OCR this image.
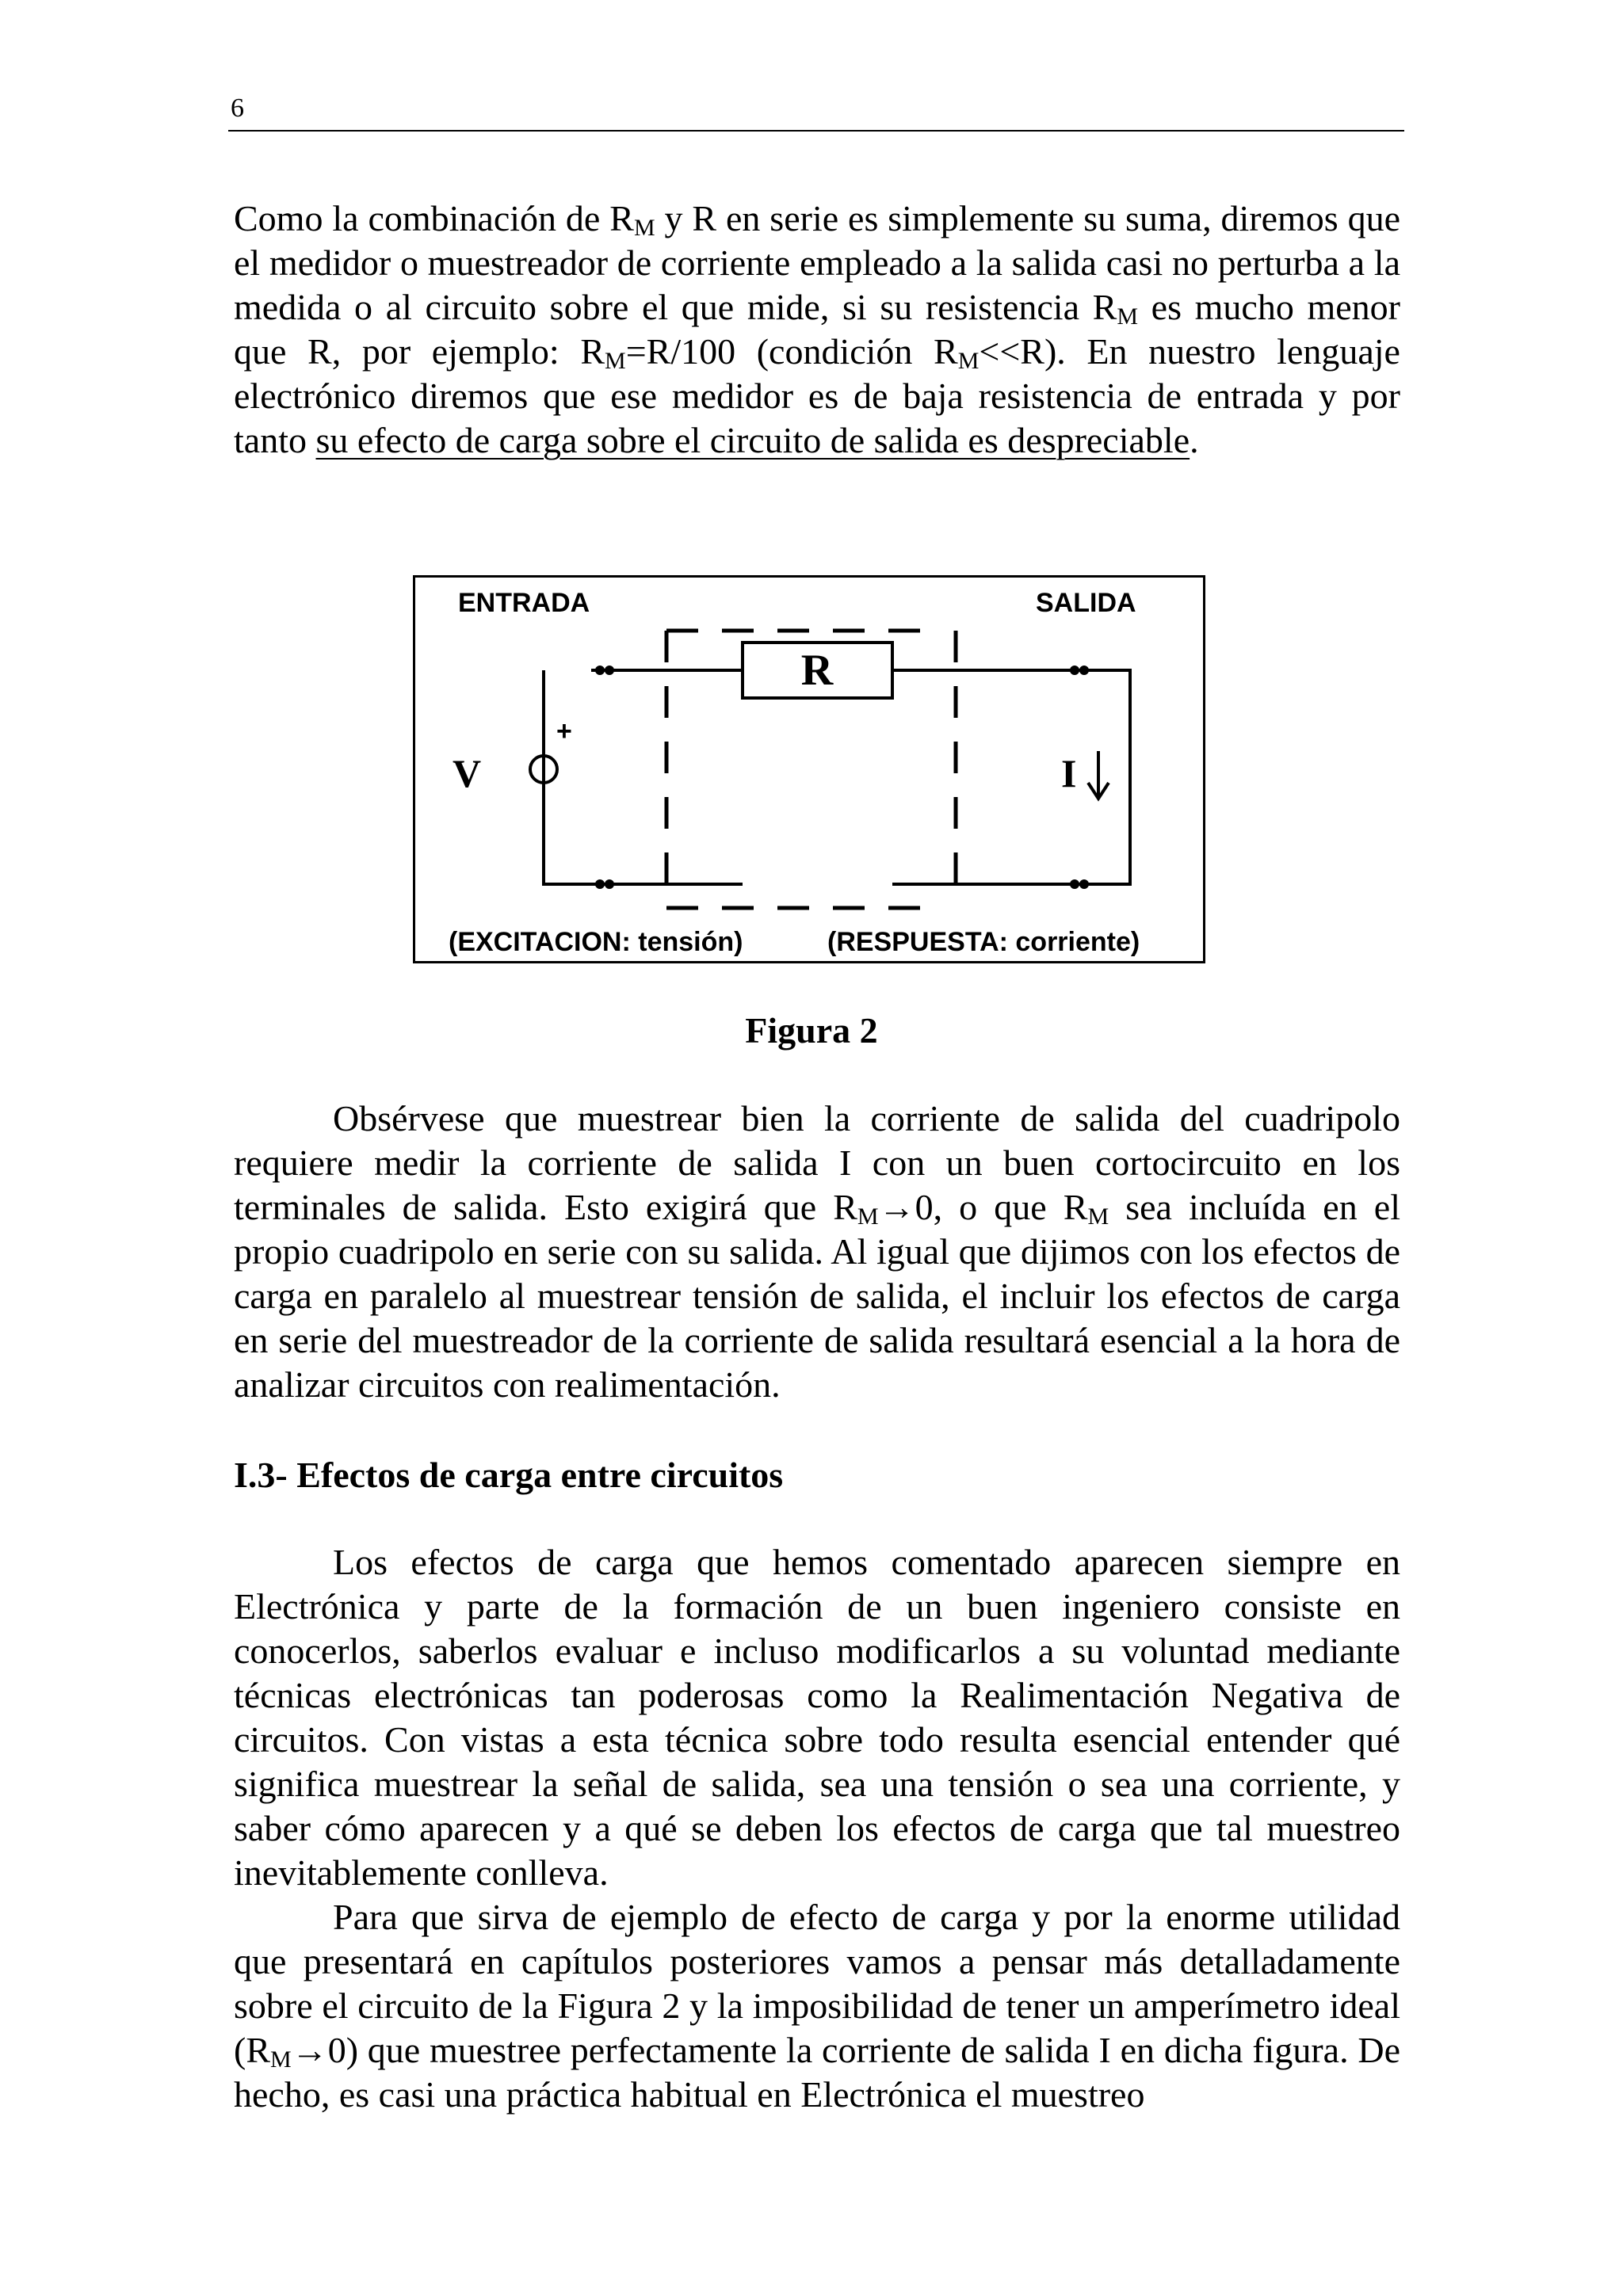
6

Como la combinación de $R_M$ y R en serie es simplemente su suma, diremos que el medidor o muestreador de corriente empleado a la salida casi no perturba a la medida o al circuito sobre el que mide, si su resistencia $R_M$ es mucho menor que R, por ejemplo: $R_M=R/100$ (condición $R_M<<R$). En nuestro lenguaje electrónico diremos que ese medidor es de baja resistencia de entrada y por tanto su efecto de carga sobre el circuito de salida es despreciable.

ENTRADA	SALIDA
+
V
R
I
(EXCITACION: tensión)	(RESPUESTA: corriente)

Figura 2

Obsérvese que muestrear bien la corriente de salida del cuadripolo requiere medir la corriente de salida I con un buen cortocircuito en los terminales de salida. Esto exigirá que $R_M\to 0$, o que $R_M$ sea incluída en el propio cuadripolo en serie con su salida. Al igual que dijimos con los efectos de carga en paralelo al muestrear tensión de salida, el incluir los efectos de carga en serie del muestreador de la corriente de salida resultará esencial a la hora de analizar circuitos con realimentación.

I.3- Efectos de carga entre circuitos

Los efectos de carga que hemos comentado aparecen siempre en Electrónica y parte de la formación de un buen ingeniero consiste en conocerlos, saberlos evaluar e incluso modificarlos a su voluntad mediante técnicas electrónicas tan poderosas como la Realimentación Negativa de circuitos. Con vistas a esta técnica sobre todo resulta esencial entender qué significa muestrear la señal de salida, sea una tensión o sea una corriente, y saber cómo aparecen y a qué se deben los efectos de carga que tal muestreo inevitablemente conlleva.

Para que sirva de ejemplo de efecto de carga y por la enorme utilidad que presentará en capítulos posteriores vamos a pensar más detalladamente sobre el circuito de la Figura 2 y la imposibilidad de tener un amperímetro ideal $(R_M\to 0)$ que muestree perfectamente la corriente de salida I en dicha figura. De hecho, es casi una práctica habitual en Electrónica el muestreo
